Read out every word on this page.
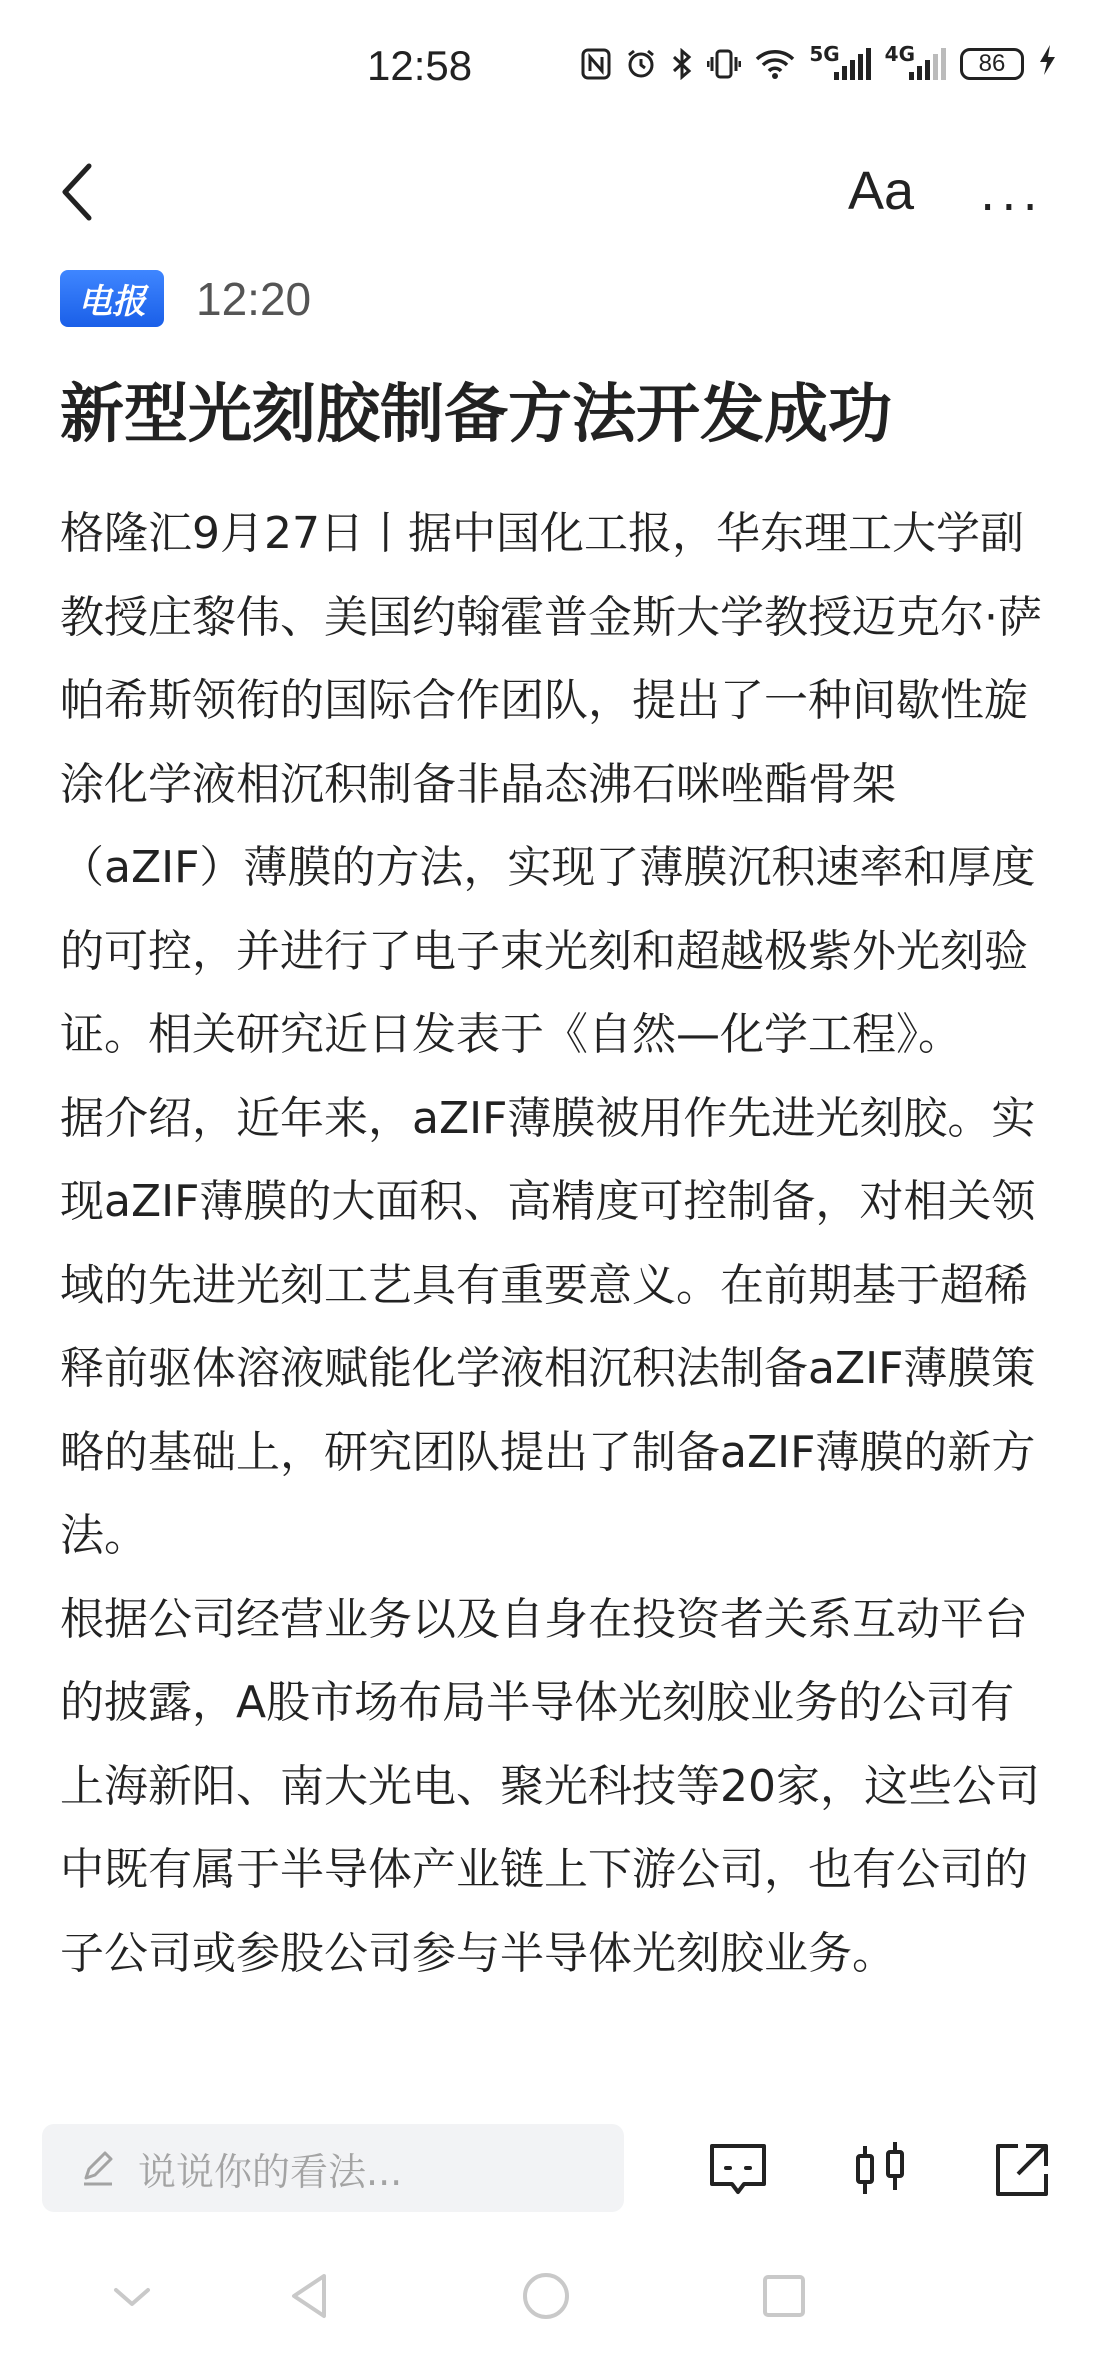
12:58	5G 4G	86
Aa ···
电报	12:20
新型光刻胶制备方法开发成功

格隆汇9月27日丨据中国化工报，华东理工大学副教授庄黎伟、美国约翰霍普金斯大学教授迈克尔·萨帕希斯领衔的国际合作团队，提出了一种间歇性旋涂化学液相沉积制备非晶态沸石咪唑酯骨架（aZIF）薄膜的方法，实现了薄膜沉积速率和厚度的可控，并进行了电子束光刻和超越极紫外光刻验证。相关研究近日发表于《自然—化学工程》。

据介绍，近年来，aZIF薄膜被用作先进光刻胶。实现aZIF薄膜的大面积、高精度可控制备，对相关领域的先进光刻工艺具有重要意义。在前期基于超稀释前驱体溶液赋能化学液相沉积法制备aZIF薄膜策略的基础上，研究团队提出了制备aZIF薄膜的新方法。

根据公司经营业务以及自身在投资者关系互动平台的披露，A股市场布局半导体光刻胶业务的公司有上海新阳、南大光电、聚光科技等20家，这些公司中既有属于半导体产业链上下游公司，也有公司的子公司或参股公司参与半导体光刻胶业务。

说说你的看法...
